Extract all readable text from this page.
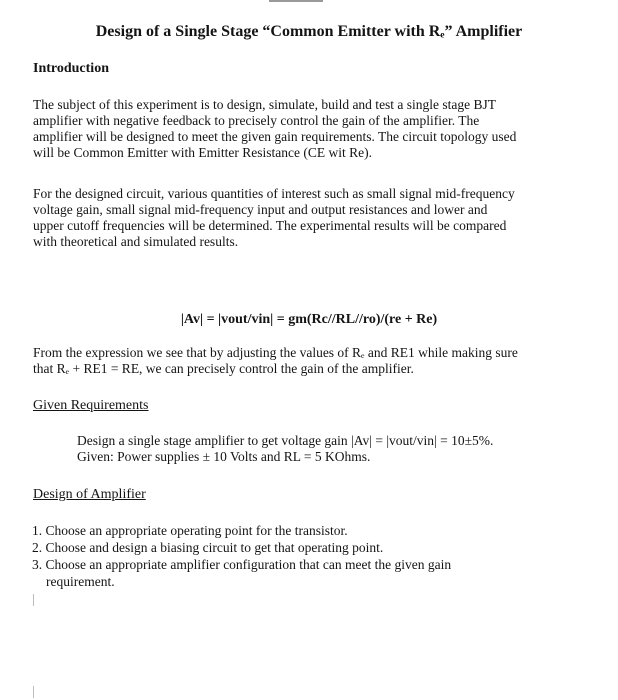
Design of a Single Stage “Common Emitter with Rₑ” Amplifier
Introduction
The subject of this experiment is to design, simulate, build and test a single stage BJT
amplifier with negative feedback to precisely control the gain of the amplifier. The
amplifier will be designed to meet the given gain requirements. The circuit topology used
will be Common Emitter with Emitter Resistance (CE wit Re).
For the designed circuit, various quantities of interest such as small signal mid-frequency
voltage gain, small signal mid-frequency input and output resistances and lower and
upper cutoff frequencies will be determined. The experimental results will be compared
with theoretical and simulated results.
|Av| = |vout/vin| = gm(Rc//RL//ro)/(re + Re)
From the expression we see that by adjusting the values of Rₑ and RE1 while making sure
that Rₑ + RE1 = RE, we can precisely control the gain of the amplifier.
Given Requirements
Design a single stage amplifier to get voltage gain |Av| = |vout/vin| = 10±5%.
Given: Power supplies ± 10 Volts and RL = 5 KOhms.
Design of Amplifier
1. Choose an appropriate operating point for the transistor.
2. Choose and design a biasing circuit to get that operating point.
3. Choose an appropriate amplifier configuration that can meet the given gain
requirement.
